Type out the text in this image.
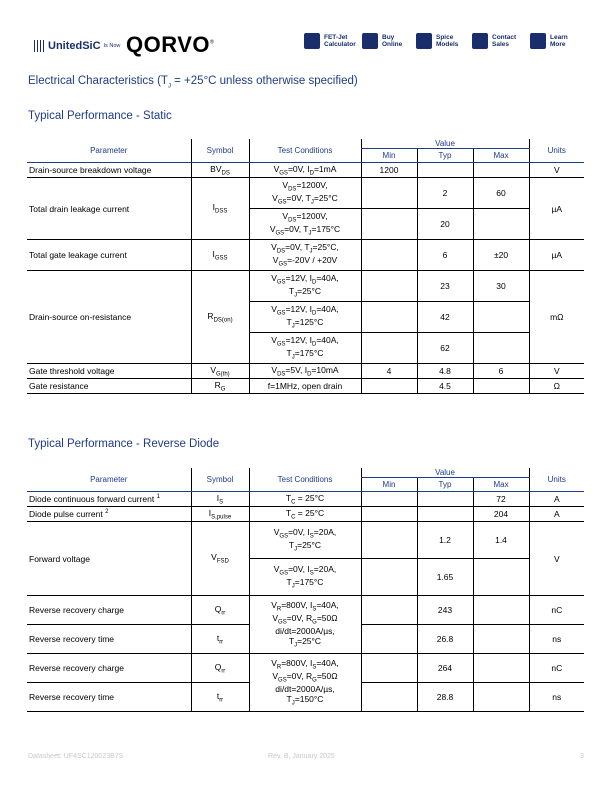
UnitedSiC Is Now QORVO®
FET-Jet
Calculator
Buy
Online
Spice
Models
Contact
Sales
Learn
More
Electrical Characteristics ($T_J = +25^\circ C$ unless otherwise specified)
Typical Performance - Static
Parameter	Symbol	Test Conditions	Value			Units
			Min	Typ	Max	
Drain-source breakdown voltage	$BV_{DS}$	$V_{GS}=0V$, $I_D=1mA$	1200			V
Total drain leakage current	$I_{DSS}$	$V_{DS}=1200V$,
$V_{GS}=0V$, $T_J=25^\circ C$		2	60	µA
		$V_{DS}=1200V$,
$V_{GS}=0V$, $T_J=175^\circ C$		20		
Total gate leakage current	$I_{GSS}$	$V_{DS}=0V$, $T_J=25^\circ C$,
$V_{GS}=-20V / +20V$		6	±20	µA
Drain-source on-resistance	$R_{DS(on)}$	$V_{GS}=12V$, $I_D=40A$,
$T_J=25^\circ C$		23	30	mΩ
		$V_{GS}=12V$, $I_D=40A$,
$T_J=125^\circ C$		42		
		$V_{GS}=12V$, $I_D=40A$,
$T_J=175^\circ C$		62		
Gate threshold voltage	$V_{G(th)}$	$V_{DS}=5V$, $I_D=10mA$	4	4.8	6	V
Gate resistance	$R_G$	f=1MHz, open drain		4.5		Ω
Typical Performance - Reverse Diode
Parameter	Symbol	Test Conditions	Value			Units
			Min	Typ	Max	
Diode continuous forward current $^1$	$I_S$	$T_C = 25^\circ C$			72	A
Diode pulse current $^2$	$I_{S,pulse}$	$T_C = 25^\circ C$			204	A
Forward voltage	$V_{FSD}$	$V_{GS}=0V$, $I_S=20A$,
$T_J=25^\circ C$		1.2	1.4	V
		$V_{GS}=0V$, $I_S=20A$,
$T_J=175^\circ C$		1.65		
Reverse recovery charge	$Q_{rr}$	$V_R=800V$, $I_S=40A$,
$V_{GS}=0V$, $R_G=50\Omega$
di/dt=2000A/µs,
$T_J=25^\circ C$		243		nC
Reverse recovery time	$t_{rr}$			26.8		ns
Reverse recovery charge	$Q_{rr}$	$V_R=800V$, $I_S=40A$,
$V_{GS}=0V$, $R_G=50\Omega$
di/dt=2000A/µs,
$T_J=150^\circ C$		264		nC
Reverse recovery time	$t_{rr}$			28.8		ns
Datasheet: UF4SC120023B7S	Rev. B, January 2025	3
